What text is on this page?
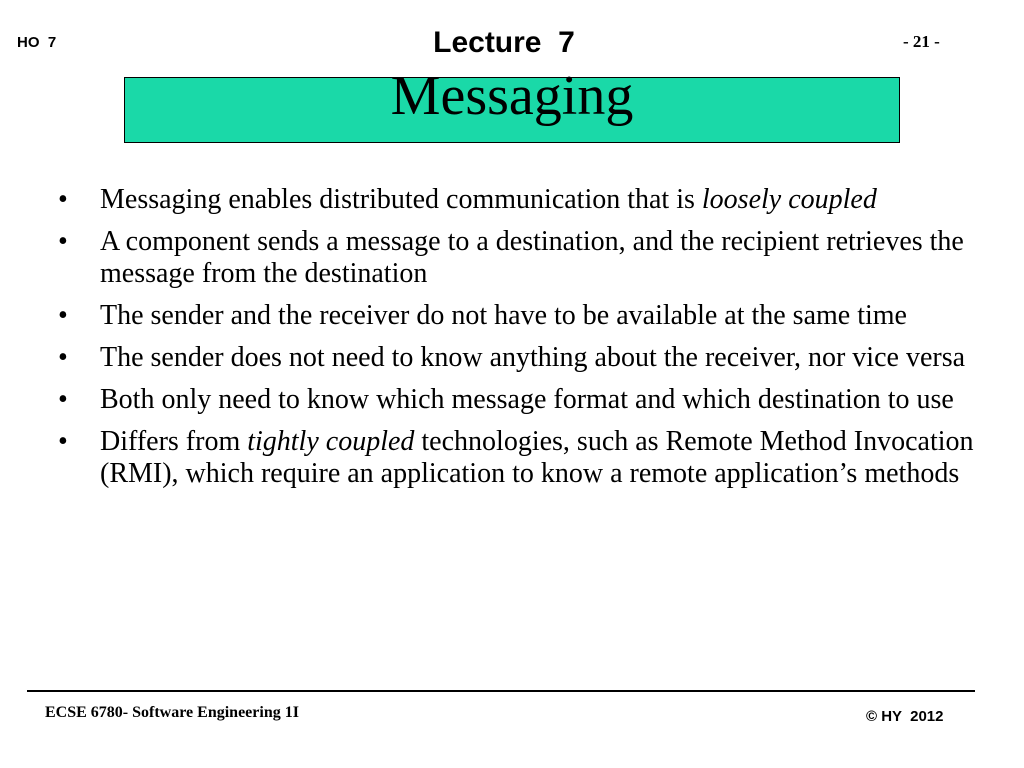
HO  7	Lecture  7	- 21 -
Messaging
• Messaging enables distributed communication that is loosely coupled
• A component sends a message to a destination, and the recipient retrieves the message from the destination
• The sender and the receiver do not have to be available at the same time
• The sender does not need to know anything about the receiver, nor vice versa
• Both only need to know which message format and which destination to use
• Differs from tightly coupled technologies, such as Remote Method Invocation (RMI), which require an application to know a remote application’s methods
ECSE 6780- Software Engineering 1I	© HY  2012
